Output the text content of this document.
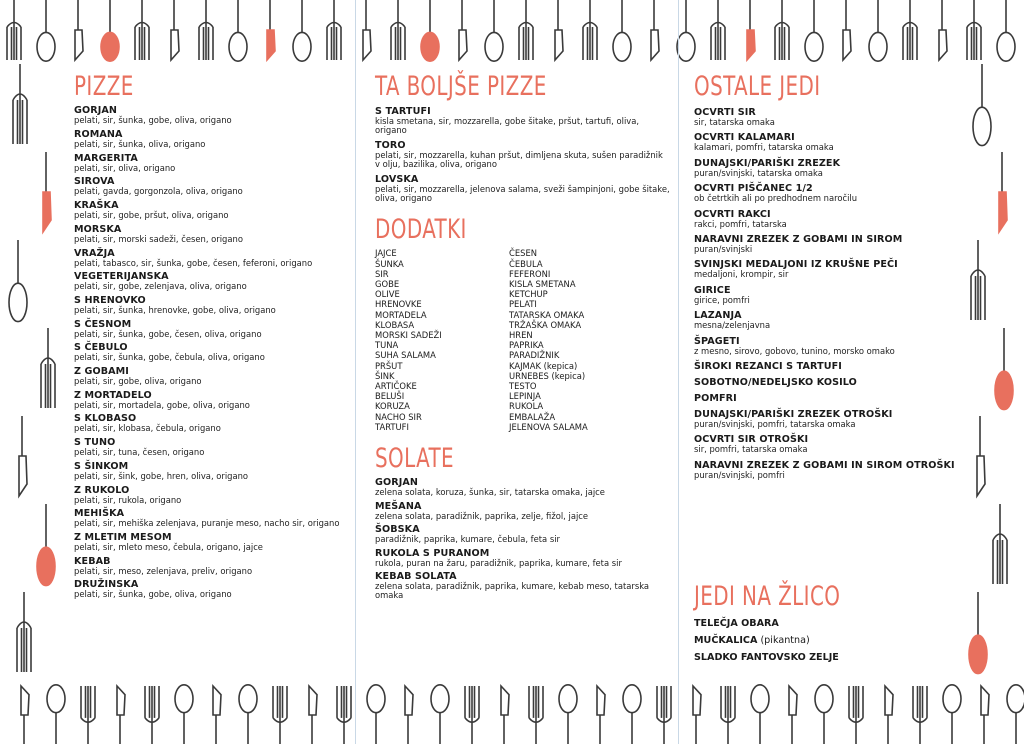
PIZZE
GORJAN
pelati, sir, šunka, gobe, oliva, origano
ROMANA
pelati, sir, šunka, oliva, origano
MARGERITA
pelati, sir, oliva, origano
SIROVA
pelati, gavda, gorgonzola, oliva, origano
KRAŠKA
pelati, sir, gobe, pršut, oliva, origano
MORSKA
pelati, sir, morski sadeži, česen, origano
VRAŽJA
pelati, tabasco, sir, šunka, gobe, česen, feferoni, origano
VEGETERIJANSKA
pelati, sir, gobe, zelenjava, oliva, origano
S HRENOVKO
pelati, sir, šunka, hrenovke, gobe, oliva, origano
S ČESNOM
pelati, sir, šunka, gobe, česen, oliva, origano
S ČEBULO
pelati, sir, šunka, gobe, čebula, oliva, origano
Z GOBAMI
pelati, sir, gobe, oliva, origano
Z MORTADELO
pelati, sir, mortadela, gobe, oliva, origano
S KLOBASO
pelati, sir, klobasa, čebula, origano
S TUNO
pelati, sir, tuna, česen, origano
S ŠINKOM
pelati, sir, šink, gobe, hren, oliva, origano
Z RUKOLO
pelati, sir, rukola, origano
MEHIŠKA
pelati, sir, mehiška zelenjava, puranje meso, nacho sir, origano
Z MLETIM MESOM
pelati, sir, mleto meso, čebula, origano, jajce
KEBAB
pelati, sir, meso, zelenjava, preliv, origano
DRUŽINSKA
pelati, sir, šunka, gobe, oliva, origano
TA BOLJŠE PIZZE
S TARTUFI
kisla smetana, sir, mozzarella, gobe šitake, pršut, tartufi, oliva, origano
TORO
pelati, sir, mozzarella, kuhan pršut, dimljena skuta, sušen paradižnik v olju, bazilika, oliva, origano
LOVSKA
pelati, sir, mozzarella, jelenova salama, sveži šampinjoni, gobe šitake, oliva, origano
DODATKI
JAJCE
ŠUNKA
SIR
GOBE
OLIVE
HRENOVKE
MORTADELA
KLOBASA
MORSKI SADEŽI
TUNA
SUHA SALAMA
PRŠUT
ŠINK
ARTIČOKE
BELUŠI
KORUZA
NACHO SIR
TARTUFI
ČESEN
ČEBULA
FEFERONI
KISLA SMETANA
KETCHUP
PELATI
TATARSKA OMAKA
TRŽAŠKA OMAKA
HREN
PAPRIKA
PARADIŽNIK
KAJMAK (kepica)
URNEBES (kepica)
TESTO
LEPINJA
RUKOLA
EMBALAŽA
JELENOVA SALAMA
SOLATE
GORJAN
zelena solata, koruza, šunka, sir, tatarska omaka, jajce
MEŠANA
zelena solata, paradižnik, paprika, zelje, fižol, jajce
ŠOBSKA
paradižnik, paprika, kumare, čebula, feta sir
RUKOLA S PURANOM
rukola, puran na žaru, paradižnik, paprika, kumare, feta sir
KEBAB SOLATA
zelena solata, paradižnik, paprika, kumare, kebab meso, tatarska omaka
OSTALE JEDI
OCVRTI SIR
sir, tatarska omaka
OCVRTI KALAMARI
kalamari, pomfri, tatarska omaka
DUNAJSKI/PARIŠKI ZREZEK
puran/svinjski, tatarska omaka
OCVRTI PIŠČANEC 1/2
ob četrtkih ali po predhodnem naročilu
OCVRTI RAKCI
rakci, pomfri, tatarska
NARAVNI ZREZEK Z GOBAMI IN SIROM
puran/svinjski
SVINJSKI MEDALJONI IZ KRUŠNE PEČI
medaljoni, krompir, sir
GIRICE
girice, pomfri
LAZANJA
mesna/zelenjavna
ŠPAGETI
z mesno, sirovo, gobovo, tunino, morsko omako
ŠIROKI REZANCI S TARTUFI
SOBOTNO/NEDELJSKO KOSILO
POMFRI
DUNAJSKI/PARIŠKI ZREZEK OTROŠKI
puran/svinjski, pomfri, tatarska omaka
OCVRTI SIR OTROŠKI
sir, pomfri, tatarska omaka
NARAVNI ZREZEK Z GOBAMI IN SIROM OTROŠKI
puran/svinjski, pomfri
JEDI NA ŽLICO
TELEČJA OBARA
MUČKALICA (pikantna)
SLADKO FANTOVSKO ZELJE
